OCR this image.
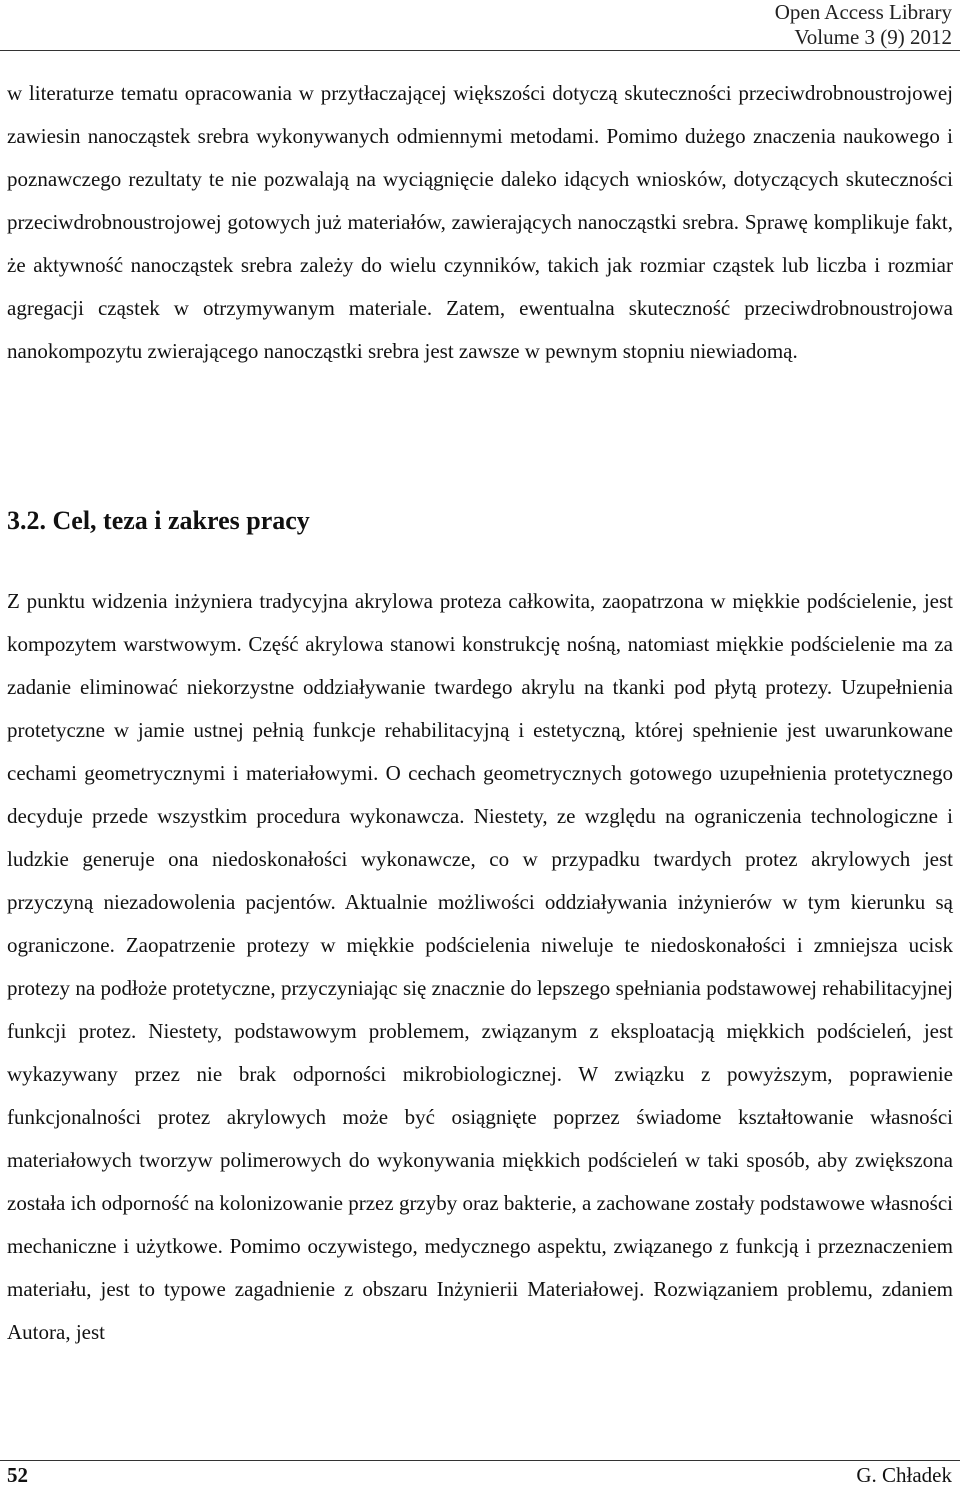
Open Access Library
Volume 3 (9) 2012

w literaturze tematu opracowania w przytłaczającej większości dotyczą skuteczności przeciwdrobnoustrojowej zawiesin nanocząstek srebra wykonywanych odmiennymi metodami. Pomimo dużego znaczenia naukowego i poznawczego rezultaty te nie pozwalają na wyciągnięcie daleko idących wniosków, dotyczących skuteczności przeciwdrobnoustrojowej gotowych już materiałów, zawierających nanocząstki srebra. Sprawę komplikuje fakt, że aktywność nanocząstek srebra zależy do wielu czynników, takich jak rozmiar cząstek lub liczba i rozmiar agregacji cząstek w otrzymywanym materiale. Zatem, ewentualna skuteczność przeciwdrobnoustrojowa nanokompozytu zwierającego nanocząstki srebra jest zawsze w pewnym stopniu niewiadomą.

3.2. Cel, teza i zakres pracy

Z punktu widzenia inżyniera tradycyjna akrylowa proteza całkowita, zaopatrzona w miękkie podścielenie, jest kompozytem warstwowym. Część akrylowa stanowi konstrukcję nośną, natomiast miękkie podścielenie ma za zadanie eliminować niekorzystne oddziaływanie twardego akrylu na tkanki pod płytą protezy. Uzupełnienia protetyczne w jamie ustnej pełnią funkcje rehabilitacyjną i estetyczną, której spełnienie jest uwarunkowane cechami geometrycznymi i materiałowymi. O cechach geometrycznych gotowego uzupełnienia protetycznego decyduje przede wszystkim procedura wykonawcza. Niestety, ze względu na ograniczenia technologiczne i ludzkie generuje ona niedoskonałości wykonawcze, co w przypadku twardych protez akrylowych jest przyczyną niezadowolenia pacjentów. Aktualnie możliwości oddziaływania inżynierów w tym kierunku są ograniczone. Zaopatrzenie protezy w miękkie podścielenia niweluje te niedoskonałości i zmniejsza ucisk protezy na podłoże protetyczne, przyczyniając się znacznie do lepszego spełniania podstawowej rehabilitacyjnej funkcji protez. Niestety, podstawowym problemem, związanym z eksploatacją miękkich podścieleń, jest wykazywany przez nie brak odporności mikrobiologicznej. W związku z powyższym, poprawienie funkcjonalności protez akrylowych może być osiągnięte poprzez świadome kształtowanie własności materiałowych tworzyw polimerowych do wykonywania miękkich podścieleń w taki sposób, aby zwiększona została ich odporność na kolonizowanie przez grzyby oraz bakterie, a zachowane zostały podstawowe własności mechaniczne i użytkowe. Pomimo oczywistego, medycznego aspektu, związanego z funkcją i przeznaczeniem materiału, jest to typowe zagadnienie z obszaru Inżynierii Materiałowej. Rozwiązaniem problemu, zdaniem Autora, jest

52	G. Chładek
